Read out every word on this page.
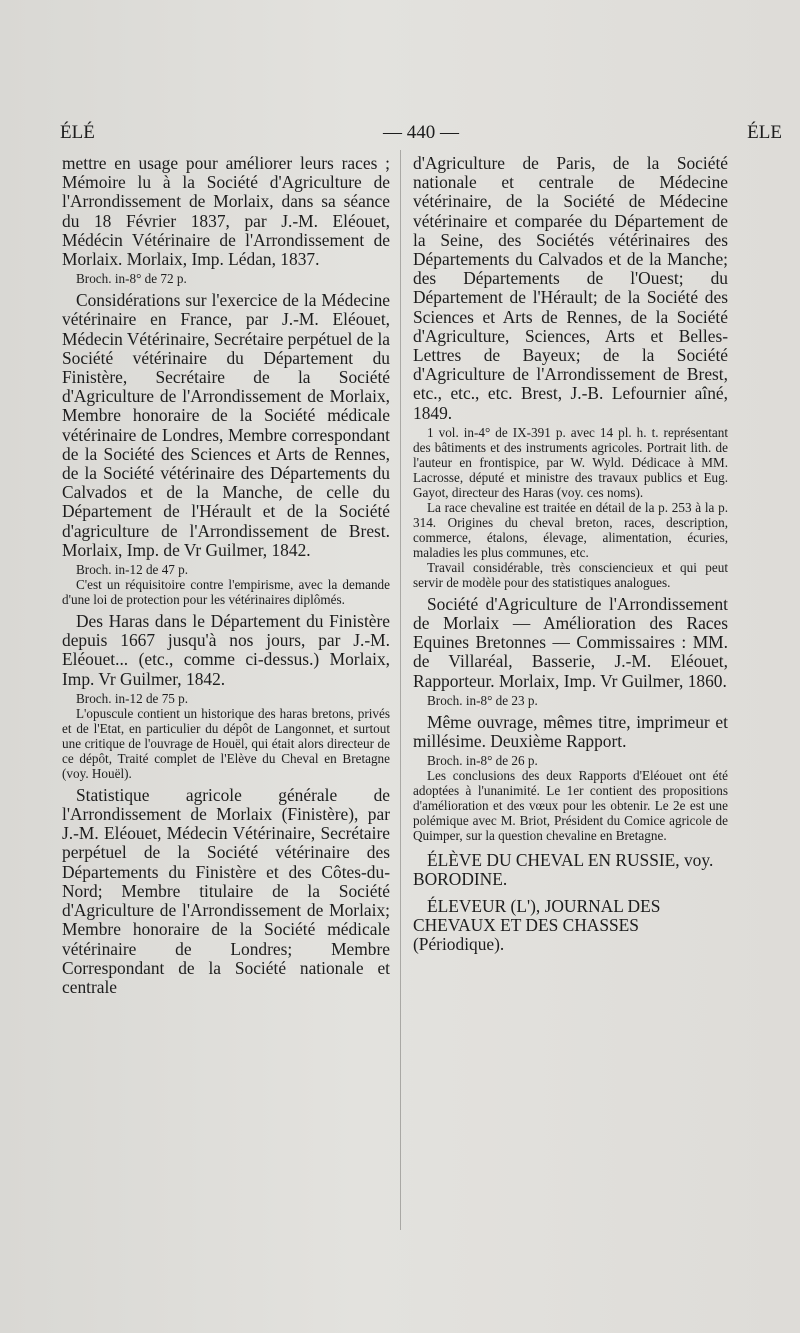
ÉLÉ	— 440 —	ÉLE

mettre en usage pour améliorer leurs races ; Mémoire lu à la Société d'Agriculture de l'Arrondissement de Morlaix, dans sa séance du 18 Février 1837, par J.-M. Eléouet, Médécin Vétérinaire de l'Arrondissement de Morlaix. Morlaix, Imp. Lédan, 1837.

Broch. in-8° de 72 p.

Considérations sur l'exercice de la Médecine vétérinaire en France, par J.-M. Eléouet, Médecin Vétérinaire, Secrétaire perpétuel de la Société vétérinaire du Département du Finistère, Secrétaire de la Société d'Agriculture de l'Arrondissement de Morlaix, Membre honoraire de la Société médicale vétérinaire de Londres, Membre correspondant de la Société des Sciences et Arts de Rennes, de la Société vétérinaire des Départements du Calvados et de la Manche, de celle du Département de l'Hérault et de la Société d'agriculture de l'Arrondissement de Brest. Morlaix, Imp. de Vr Guilmer, 1842.

Broch. in-12 de 47 p.

C'est un réquisitoire contre l'empirisme, avec la demande d'une loi de protection pour les vétérinaires diplômés.

Des Haras dans le Département du Finistère depuis 1667 jusqu'à nos jours, par J.-M. Eléouet... (etc., comme ci-dessus.) Morlaix, Imp. Vr Guilmer, 1842.

Broch. in-12 de 75 p.

L'opuscule contient un historique des haras bretons, privés et de l'Etat, en particulier du dépôt de Langonnet, et surtout une critique de l'ouvrage de Houël, qui était alors directeur de ce dépôt, Traité complet de l'Elève du Cheval en Bretagne (voy. Houël).

Statistique agricole générale de l'Arrondissement de Morlaix (Finistère), par J.-M. Eléouet, Médecin Vétérinaire, Secrétaire perpétuel de la Société vétérinaire des Départements du Finistère et des Côtes-du-Nord; Membre titulaire de la Société d'Agriculture de l'Arrondissement de Morlaix; Membre honoraire de la Société médicale vétérinaire de Londres; Membre Correspondant de la Société nationale et centrale

d'Agriculture de Paris, de la Société nationale et centrale de Médecine vétérinaire, de la Société de Médecine vétérinaire et comparée du Département de la Seine, des Sociétés vétérinaires des Départements du Calvados et de la Manche; des Départements de l'Ouest; du Département de l'Hérault; de la Société des Sciences et Arts de Rennes, de la Société d'Agriculture, Sciences, Arts et Belles-Lettres de Bayeux; de la Société d'Agriculture de l'Arrondissement de Brest, etc., etc., etc. Brest, J.-B. Lefournier aîné, 1849.

1 vol. in-4° de IX-391 p. avec 14 pl. h. t. représentant des bâtiments et des instruments agricoles. Portrait lith. de l'auteur en frontispice, par W. Wyld. Dédicace à MM. Lacrosse, député et ministre des travaux publics et Eug. Gayot, directeur des Haras (voy. ces noms).

La race chevaline est traitée en détail de la p. 253 à la p. 314. Origines du cheval breton, races, description, commerce, étalons, élevage, alimentation, écuries, maladies les plus communes, etc.

Travail considérable, très consciencieux et qui peut servir de modèle pour des statistiques analogues.

Société d'Agriculture de l'Arrondissement de Morlaix — Amélioration des Races Equines Bretonnes — Commissaires : MM. de Villaréal, Basserie, J.-M. Eléouet, Rapporteur. Morlaix, Imp. Vr Guilmer, 1860.

Broch. in-8° de 23 p.

Même ouvrage, mêmes titre, imprimeur et millésime. Deuxième Rapport.

Broch. in-8° de 26 p.

Les conclusions des deux Rapports d'Eléouet ont été adoptées à l'unanimité. Le 1er contient des propositions d'amélioration et des vœux pour les obtenir. Le 2e est une polémique avec M. Briot, Président du Comice agricole de Quimper, sur la question chevaline en Bretagne.

ÉLÈVE DU CHEVAL EN RUSSIE, voy. BORODINE.

ÉLEVEUR (L'), JOURNAL DES CHEVAUX ET DES CHASSES (Périodique).
